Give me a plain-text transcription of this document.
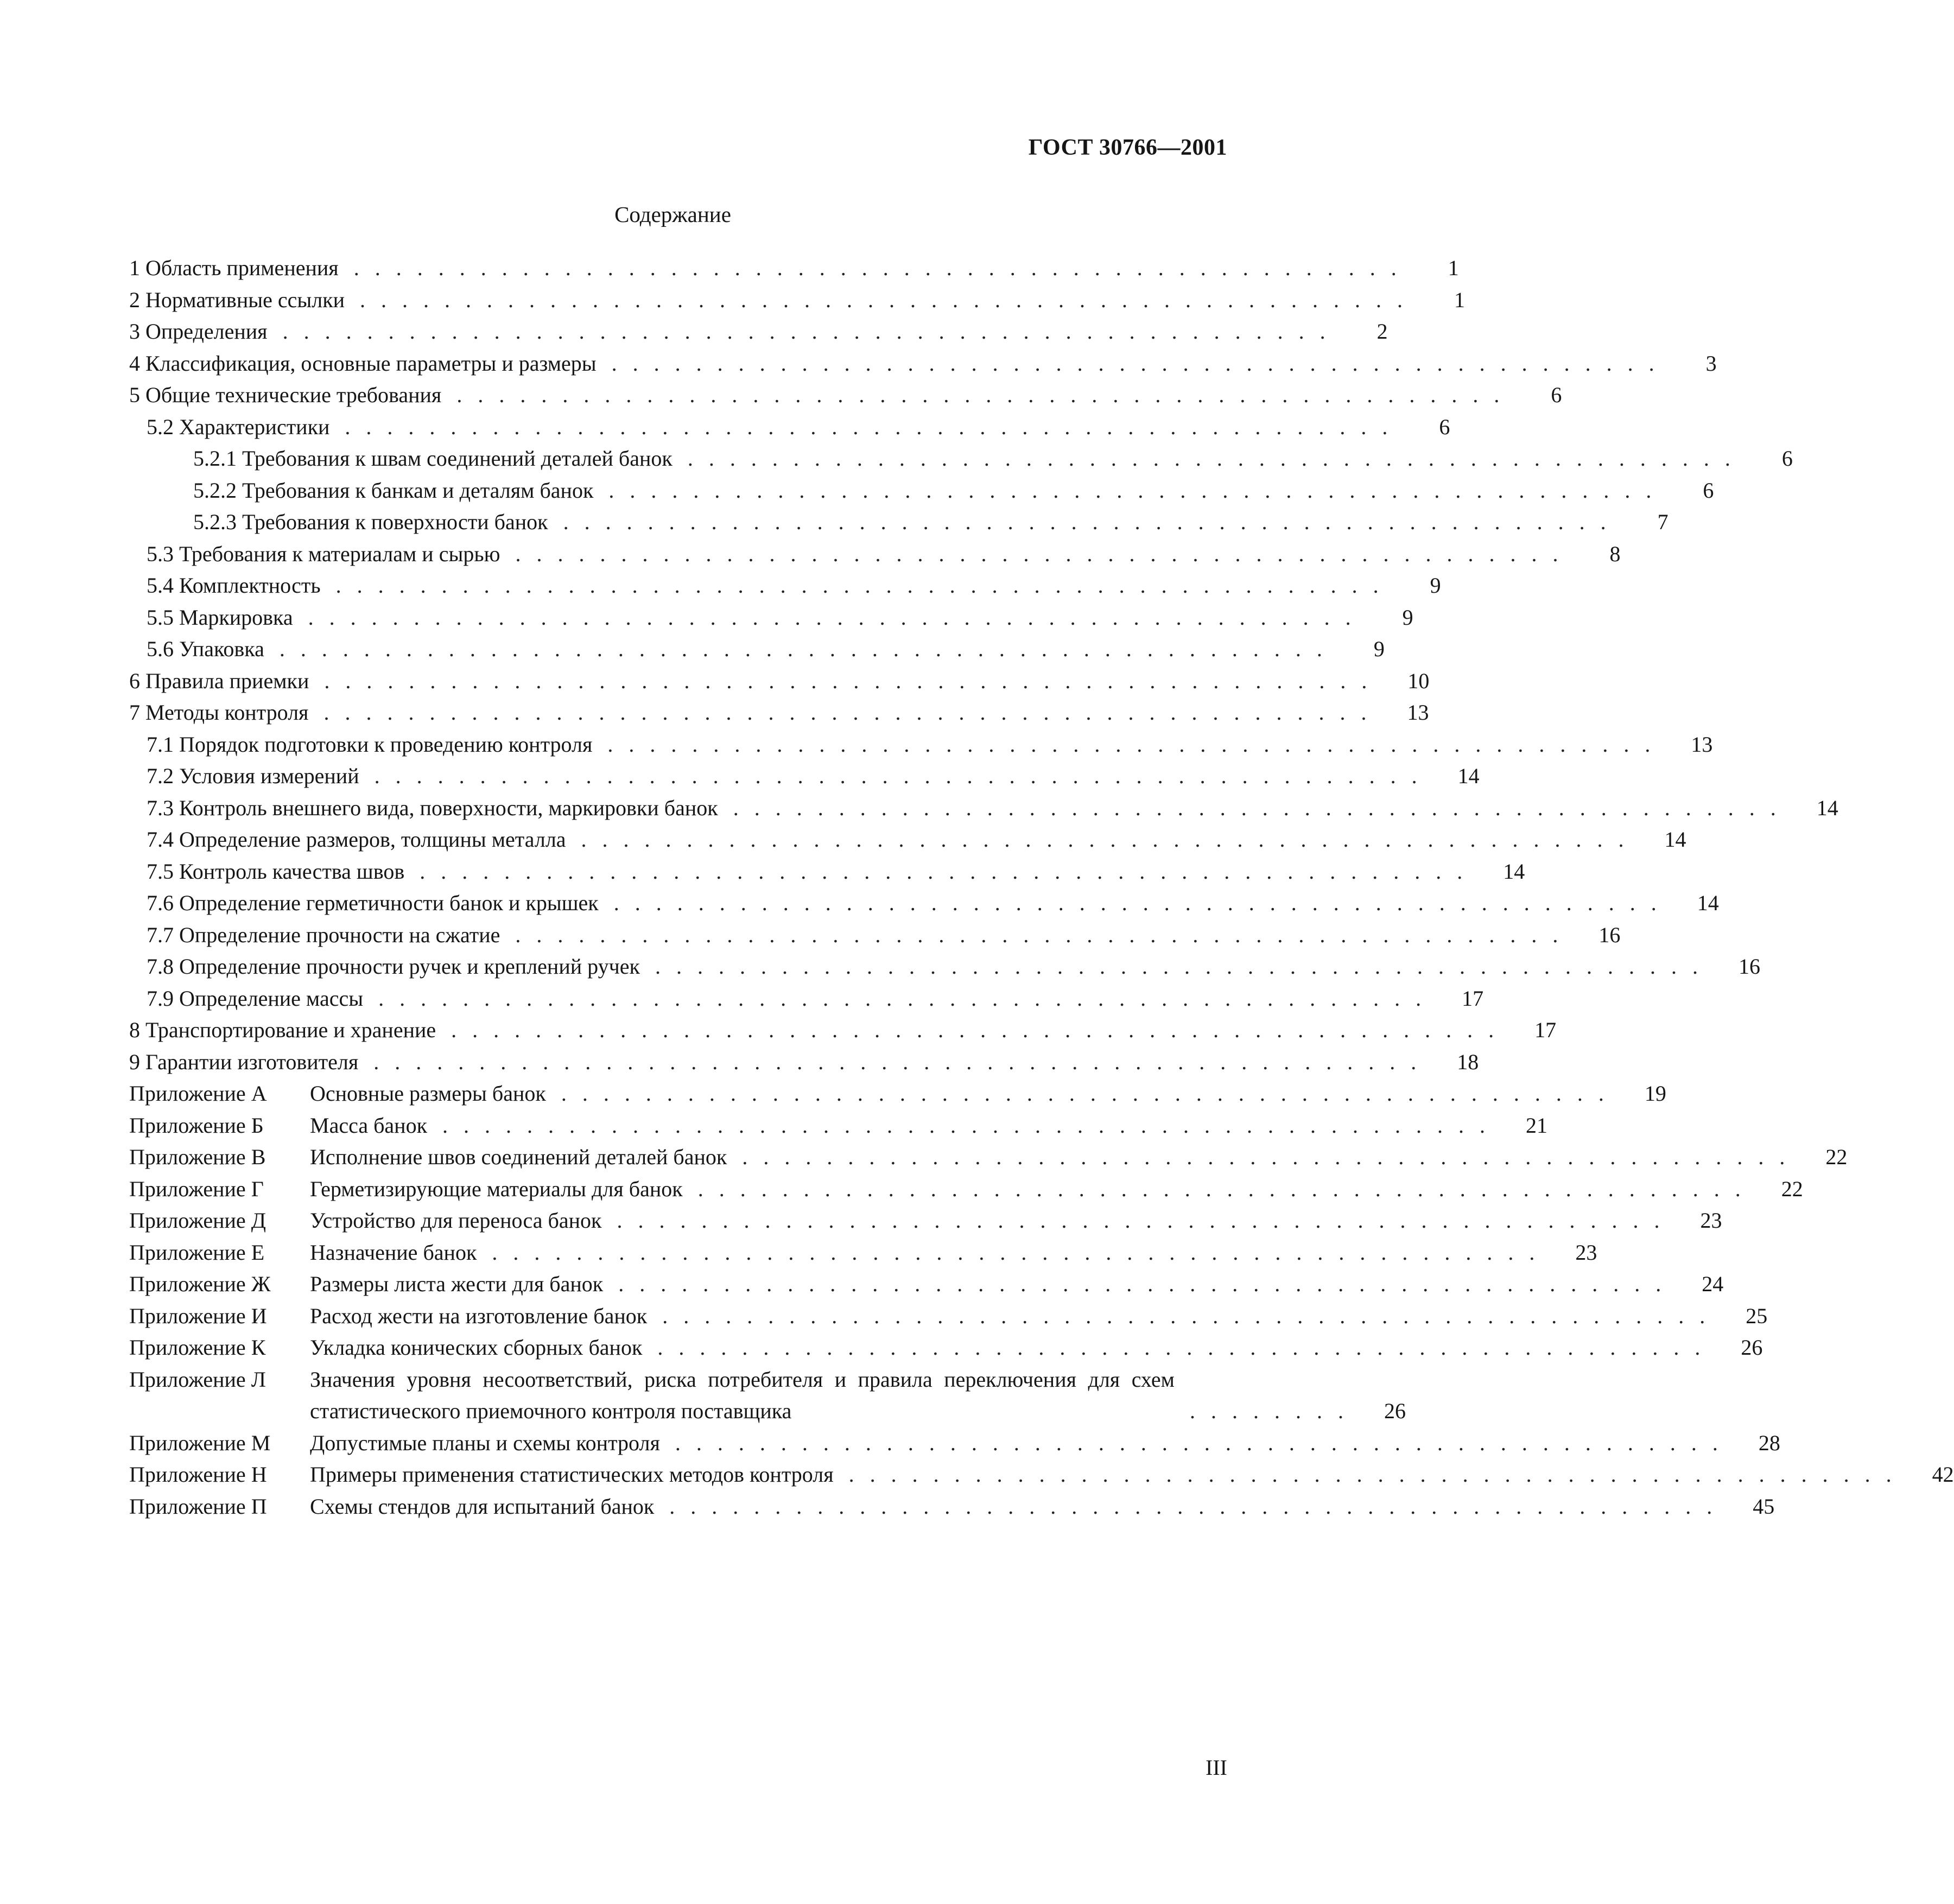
ГОСТ 30766—2001
Содержание
1 Область применения ..................................................	1
2 Нормативные ссылки ..................................................	1
3 Определения ..................................................	2
4 Классификация, основные параметры и размеры ..................................................	3
5 Общие технические требования ..................................................	6
5.2 Характеристики ..................................................	6
5.2.1 Требования к швам соединений деталей банок ..................................................	6
5.2.2 Требования к банкам и деталям банок ..................................................	6
5.2.3 Требования к поверхности банок ..................................................	7
5.3 Требования к материалам и сырью ..................................................	8
5.4 Комплектность ..................................................	9
5.5 Маркировка ..................................................	9
5.6 Упаковка ..................................................	9
6 Правила приемки ..................................................	10
7 Методы контроля ..................................................	13
7.1 Порядок подготовки к проведению контроля ..................................................	13
7.2 Условия измерений ..................................................	14
7.3 Контроль внешнего вида, поверхности, маркировки банок ..................................................	14
7.4 Определение размеров, толщины металла ..................................................	14
7.5 Контроль качества швов ..................................................	14
7.6 Определение герметичности банок и крышек ..................................................	14
7.7 Определение прочности на сжатие ..................................................	16
7.8 Определение прочности ручек и креплений ручек ..................................................	16
7.9 Определение массы ..................................................	17
8 Транспортирование и хранение ..................................................	17
9 Гарантии изготовителя ..................................................	18
Приложение А	Основные размеры банок ..................................................	19
Приложение Б	Масса банок ..................................................	21
Приложение В	Исполнение швов соединений деталей банок ..................................................	22
Приложение Г	Герметизирующие материалы для банок ..................................................	22
Приложение Д	Устройство для переноса банок ..................................................	23
Приложение Е	Назначение банок ..................................................	23
Приложение Ж	Размеры листа жести для банок ..................................................	24
Приложение И	Расход жести на изготовление банок ..................................................	25
Приложение К	Укладка конических сборных банок ..................................................	26
Приложение Л	Значения уровня несоответствий, риска потребителя и правила переключения для схем статистического приемочного контроля поставщика	........	26
Приложение М	Допустимые планы и схемы контроля ..................................................	28
Приложение Н	Примеры применения статистических методов контроля ..................................................	42
Приложение П	Схемы стендов для испытаний банок ..................................................	45
III
